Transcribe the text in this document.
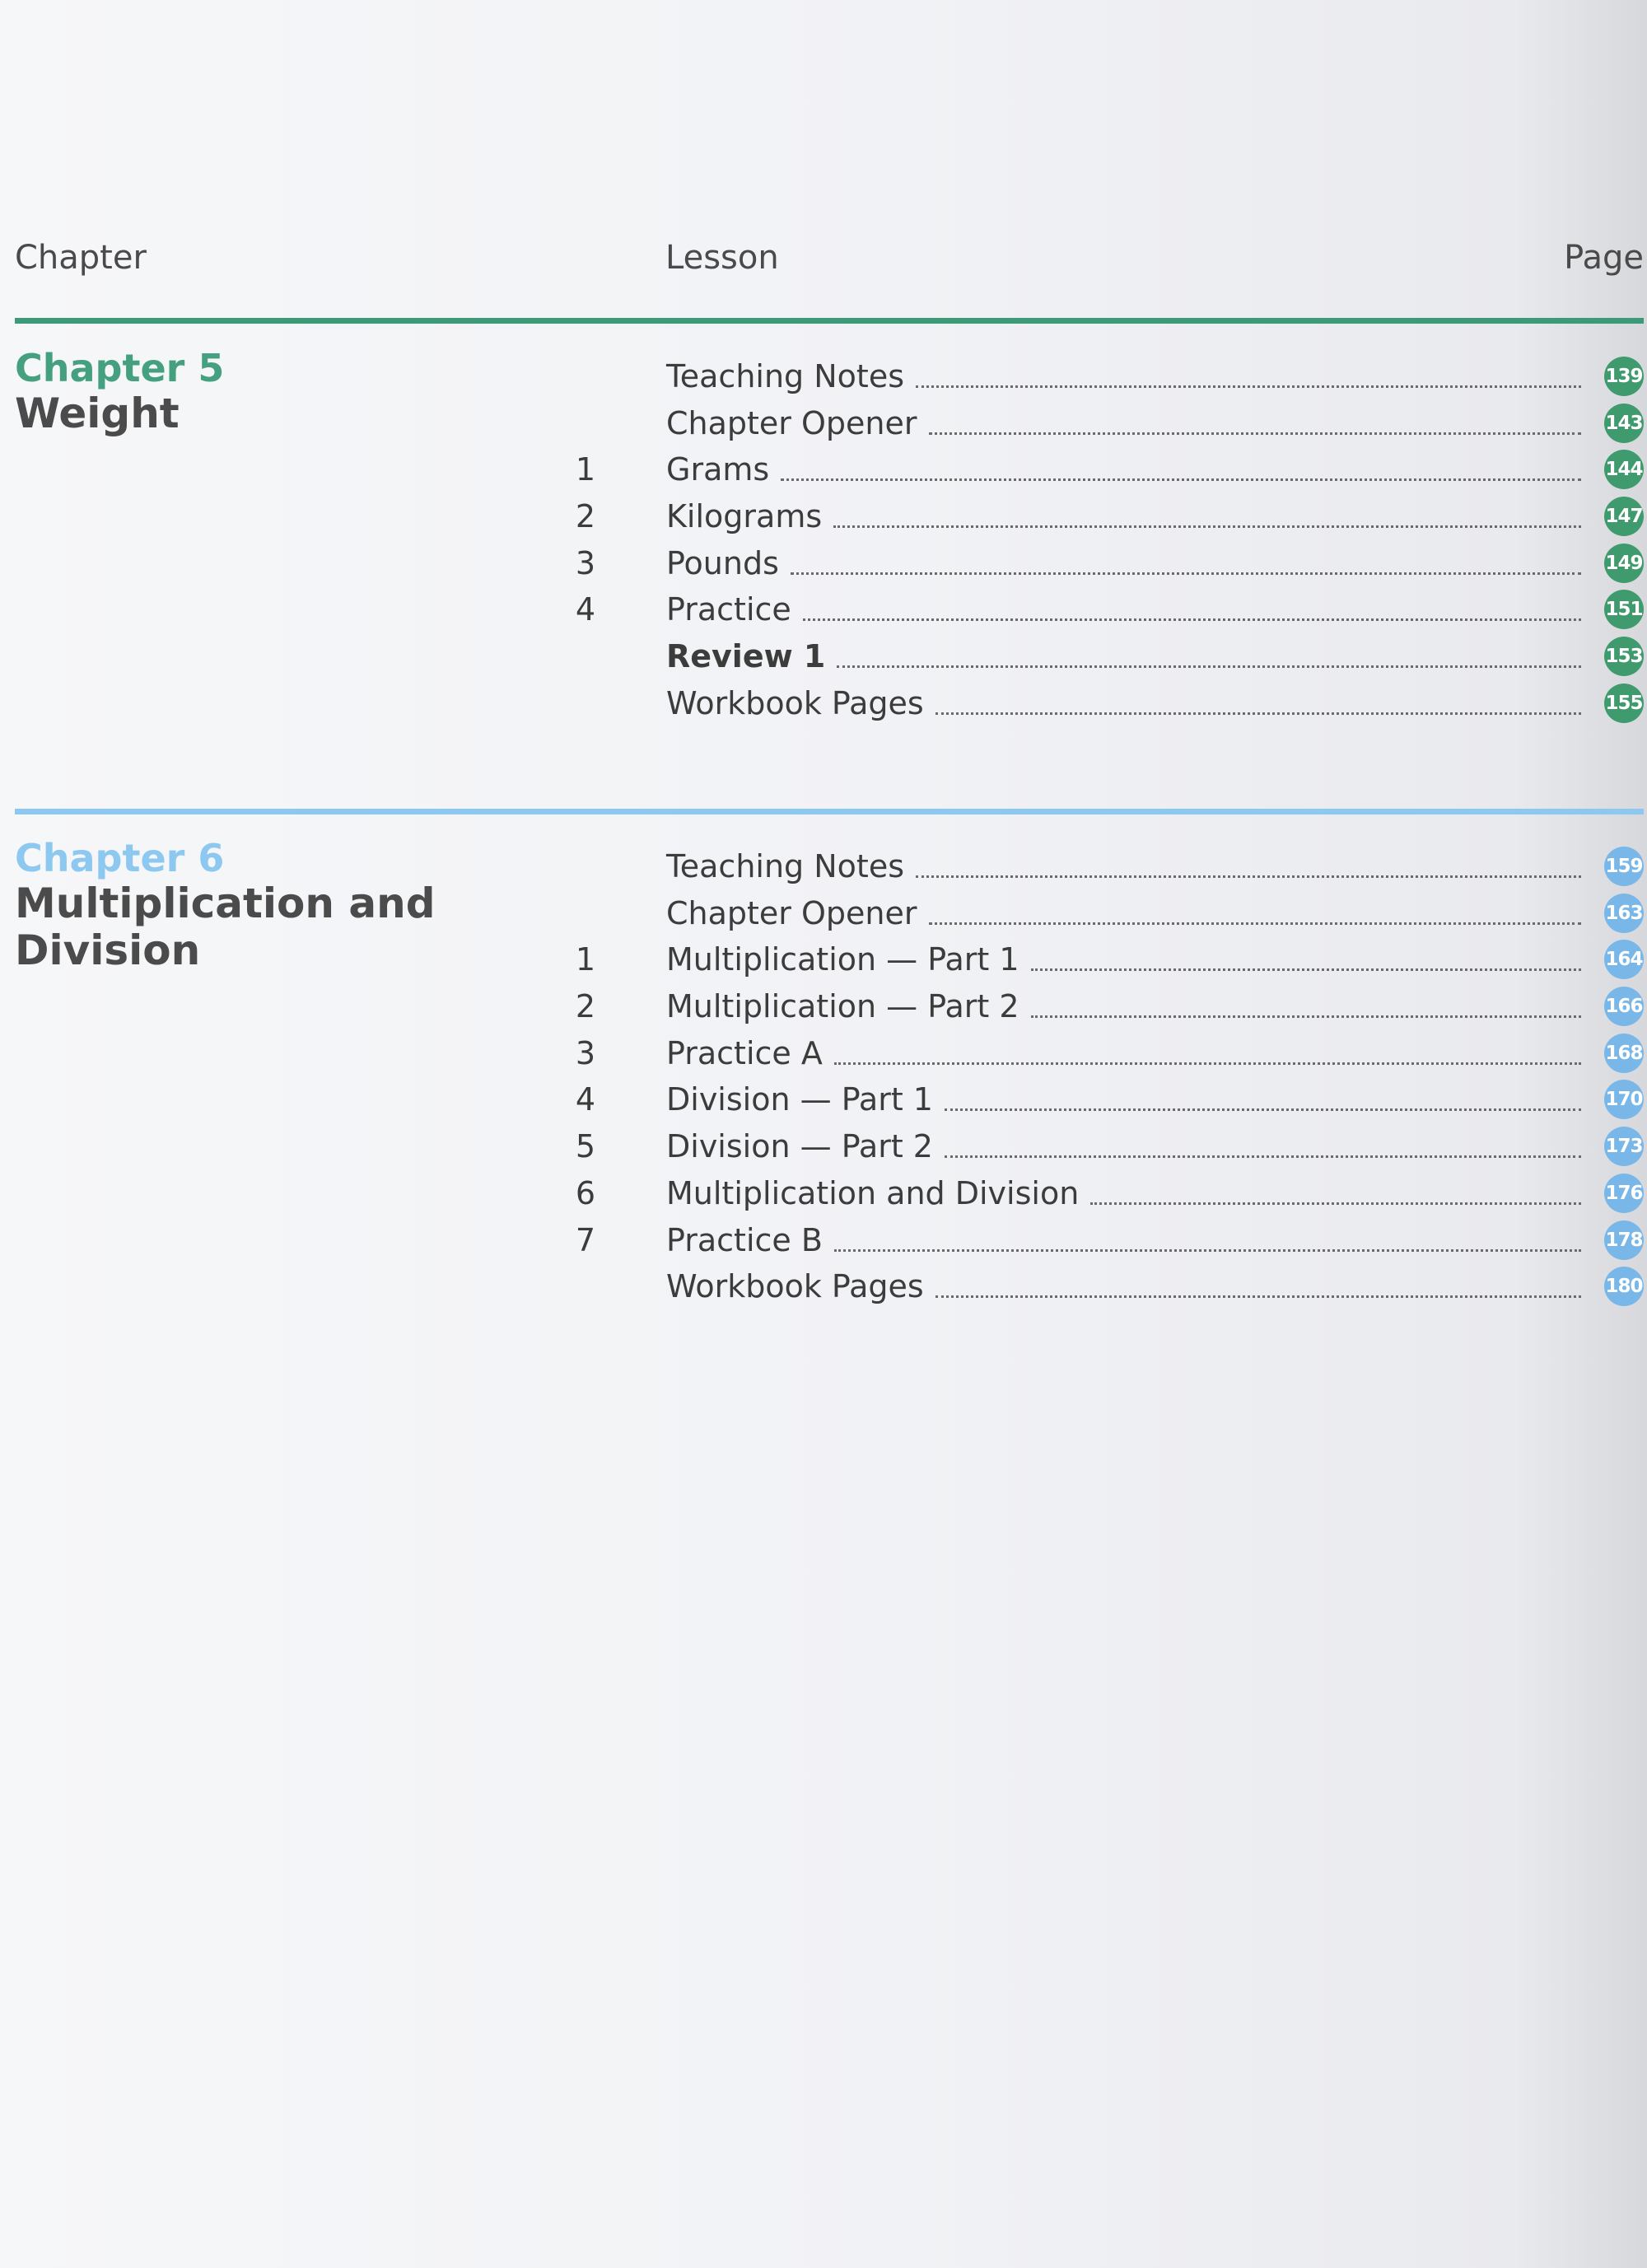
Chapter	Lesson	Page
Chapter 5
Weight
Teaching Notes	139
Chapter Opener	143
1 Grams	144
2 Kilograms	147
3 Pounds	149
4 Practice	151
Review 1	153
Workbook Pages	155
Chapter 6
Multiplication and Division
Teaching Notes	159
Chapter Opener	163
1 Multiplication — Part 1	164
2 Multiplication — Part 2	166
3 Practice A	168
4 Division — Part 1	170
5 Division — Part 2	173
6 Multiplication and Division	176
7 Practice B	178
Workbook Pages	180
